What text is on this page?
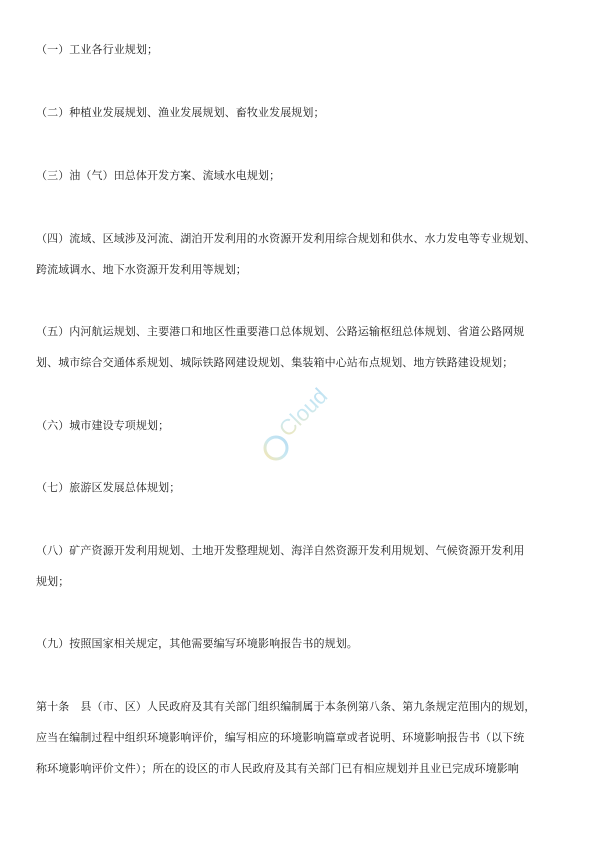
（一）工业各行业规划；
（二）种植业发展规划、渔业发展规划、畜牧业发展规划；
（三）油（气）田总体开发方案、流域水电规划；
（四）流域、区域涉及河流、湖泊开发利用的水资源开发利用综合规划和供水、水力发电等专业规划、
跨流域调水、地下水资源开发利用等规划；
（五）内河航运规划、主要港口和地区性重要港口总体规划、公路运输枢纽总体规划、省道公路网规
划、城市综合交通体系规划、城际铁路网建设规划、集装箱中心站布点规划、地方铁路建设规划；
（六）城市建设专项规划；
（七）旅游区发展总体规划；
（八）矿产资源开发利用规划、土地开发整理规划、海洋自然资源开发利用规划、气候资源开发利用
规划；
（九）按照国家相关规定，其他需要编写环境影响报告书的规划。
第十条　县（市、区）人民政府及其有关部门组织编制属于本条例第八条、第九条规定范围内的规划，
应当在编制过程中组织环境影响评价，编写相应的环境影响篇章或者说明、环境影响报告书（以下统
称环境影响评价文件）；所在的设区的市人民政府及其有关部门已有相应规划并且业已完成环境影响
Cloud
